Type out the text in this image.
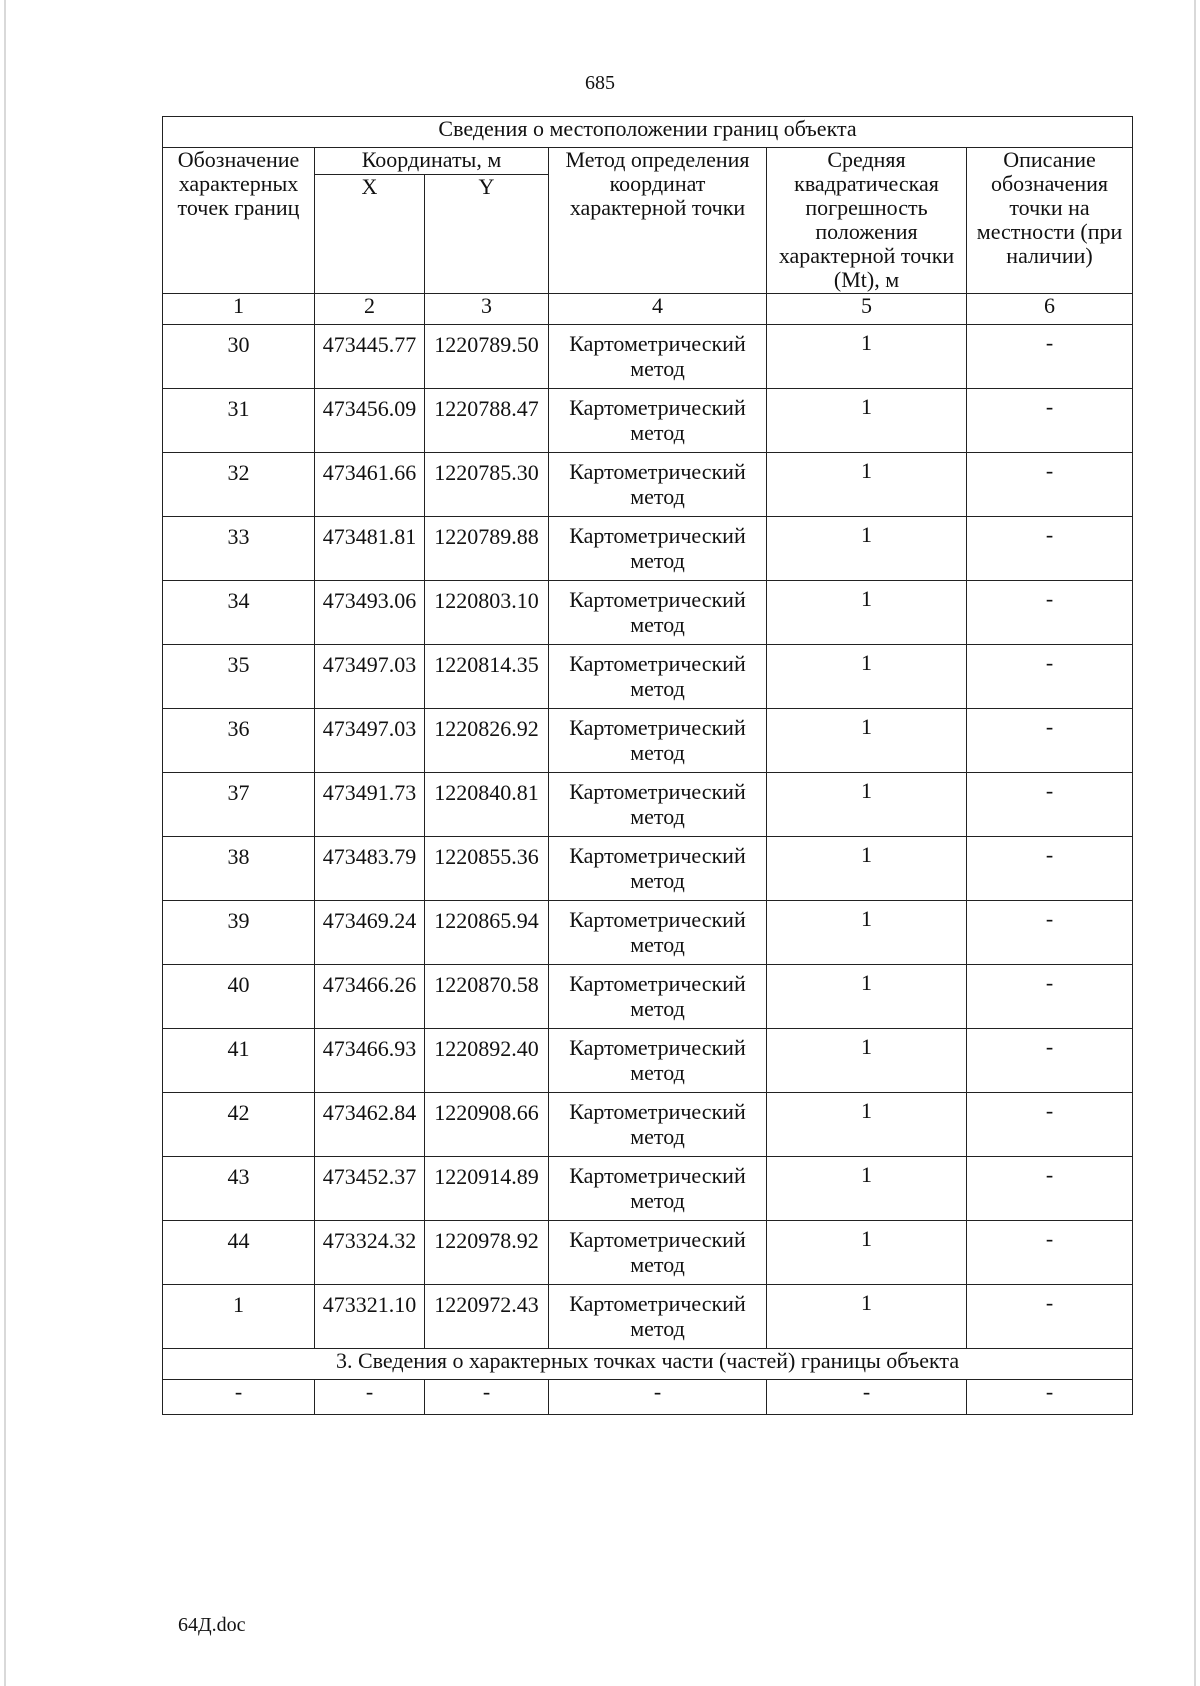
685
Сведения о местоположении границ объекта					
Обозначение характерных точек границ	Координаты, м		Метод определения координат характерной точки	Средняя квадратическая погрешность положения характерной точки (Mt), м	Описание обозначения точки на местности (при наличии)
	X	Y			
1	2	3	4	5	6
30	473445.77	1220789.50	Картометрический метод	1	-
31	473456.09	1220788.47	Картометрический метод	1	-
32	473461.66	1220785.30	Картометрический метод	1	-
33	473481.81	1220789.88	Картометрический метод	1	-
34	473493.06	1220803.10	Картометрический метод	1	-
35	473497.03	1220814.35	Картометрический метод	1	-
36	473497.03	1220826.92	Картометрический метод	1	-
37	473491.73	1220840.81	Картометрический метод	1	-
38	473483.79	1220855.36	Картометрический метод	1	-
39	473469.24	1220865.94	Картометрический метод	1	-
40	473466.26	1220870.58	Картометрический метод	1	-
41	473466.93	1220892.40	Картометрический метод	1	-
42	473462.84	1220908.66	Картометрический метод	1	-
43	473452.37	1220914.89	Картометрический метод	1	-
44	473324.32	1220978.92	Картометрический метод	1	-
1	473321.10	1220972.43	Картометрический метод	1	-
3. Сведения о характерных точках части (частей) границы объекта					
-	-	-	-	-	-
64Д.doc
